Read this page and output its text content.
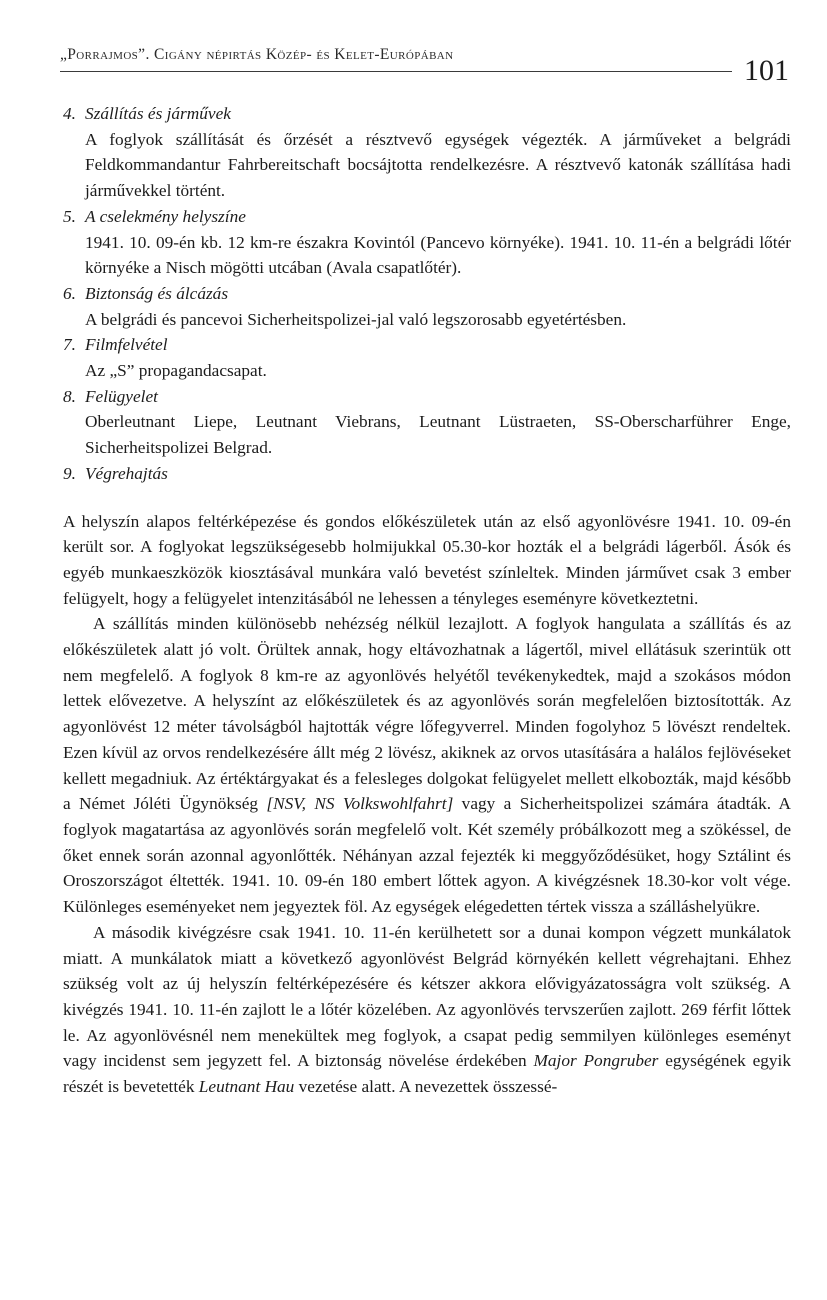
„Porrajmos”. Cigány népirtás Közép- és Kelet-Európában	101
4. Szállítás és járművek
A foglyok szállítását és őrzését a résztvevő egységek végezték. A járműveket a belgrádi Feldkommandantur Fahrbereitschaft bocsájtotta rendelkezésre. A résztvevő katonák szállítása hadi járművekkel történt.
5. A cselekmény helyszíne
1941. 10. 09-én kb. 12 km-re északra Kovintól (Pancevo környéke). 1941. 10. 11-én a belgrádi lőtér környéke a Nisch mögötti utcában (Avala csapatlőtér).
6. Biztonság és álcázás
A belgrádi és pancevoi Sicherheitspolizei-jal való legszorosabb egyetértésben.
7. Filmfelvétel
Az „S” propagandacsapat.
8. Felügyelet
Oberleutnant Liepe, Leutnant Viebrans, Leutnant Lüstraeten, SS-Oberscharführer Enge, Sicherheitspolizei Belgrad.
9. Végrehajtás

A helyszín alapos feltérképezése és gondos előkészületek után az első agyonlövésre 1941. 10. 09-én került sor. A foglyokat legszükségesebb holmijukkal 05.30-kor hozták el a belgrádi lágerből. Ásók és egyéb munkaeszközök kiosztásával munkára való bevetést színleltek. Minden járművet csak 3 ember felügyelt, hogy a felügyelet intenzitásából ne lehessen a tényleges eseményre következtetni.

A szállítás minden különösebb nehézség nélkül lezajlott. A foglyok hangulata a szállítás és az előkészületek alatt jó volt. Örültek annak, hogy eltávozhatnak a lágertől, mivel ellátásuk szerintük ott nem megfelelő. A foglyok 8 km-re az agyonlövés helyétől tevékenykedtek, majd a szokásos módon lettek elővezetve. A helyszínt az előkészületek és az agyonlövés során megfelelően biztosították. Az agyonlövést 12 méter távolságból hajtották végre lőfegyverrel. Minden fogolyhoz 5 lövészt rendeltek. Ezen kívül az orvos rendelkezésére állt még 2 lövész, akiknek az orvos utasítására a halálos fejlövéseket kellett megadniuk. Az értéktárgyakat és a felesleges dolgokat felügyelet mellett elkobozták, majd később a Német Jóléti Ügynökség [NSV, NS Volkswohlfahrt] vagy a Sicherheitspolizei számára átadták. A foglyok magatartása az agyonlövés során megfelelő volt. Két személy próbálkozott meg a szökéssel, de őket ennek során azonnal agyonlőtték. Néhányan azzal fejezték ki meggyőződésüket, hogy Sztálint és Oroszországot éltették. 1941. 10. 09-én 180 embert lőttek agyon. A kivégzésnek 18.30-kor volt vége. Különleges eseményeket nem jegyeztek föl. Az egységek elégedetten tértek vissza a szálláshelyükre.

A második kivégzésre csak 1941. 10. 11-én kerülhetett sor a dunai kompon végzett munkálatok miatt. A munkálatok miatt a következő agyonlövést Belgrád környékén kellett végrehajtani. Ehhez szükség volt az új helyszín feltérképezésére és kétszer akkora elővigyázatosságra volt szükség. A kivégzés 1941. 10. 11-én zajlott le a lőtér közelében. Az agyonlövés tervszerűen zajlott. 269 férfit lőttek le. Az agyonlövésnél nem menekültek meg foglyok, a csapat pedig semmilyen különleges eseményt vagy incidenst sem jegyzett fel. A biztonság növelése érdekében Major Pongruber egységének egyik részét is bevetették Leutnant Hau vezetése alatt. A nevezettek összessé-
